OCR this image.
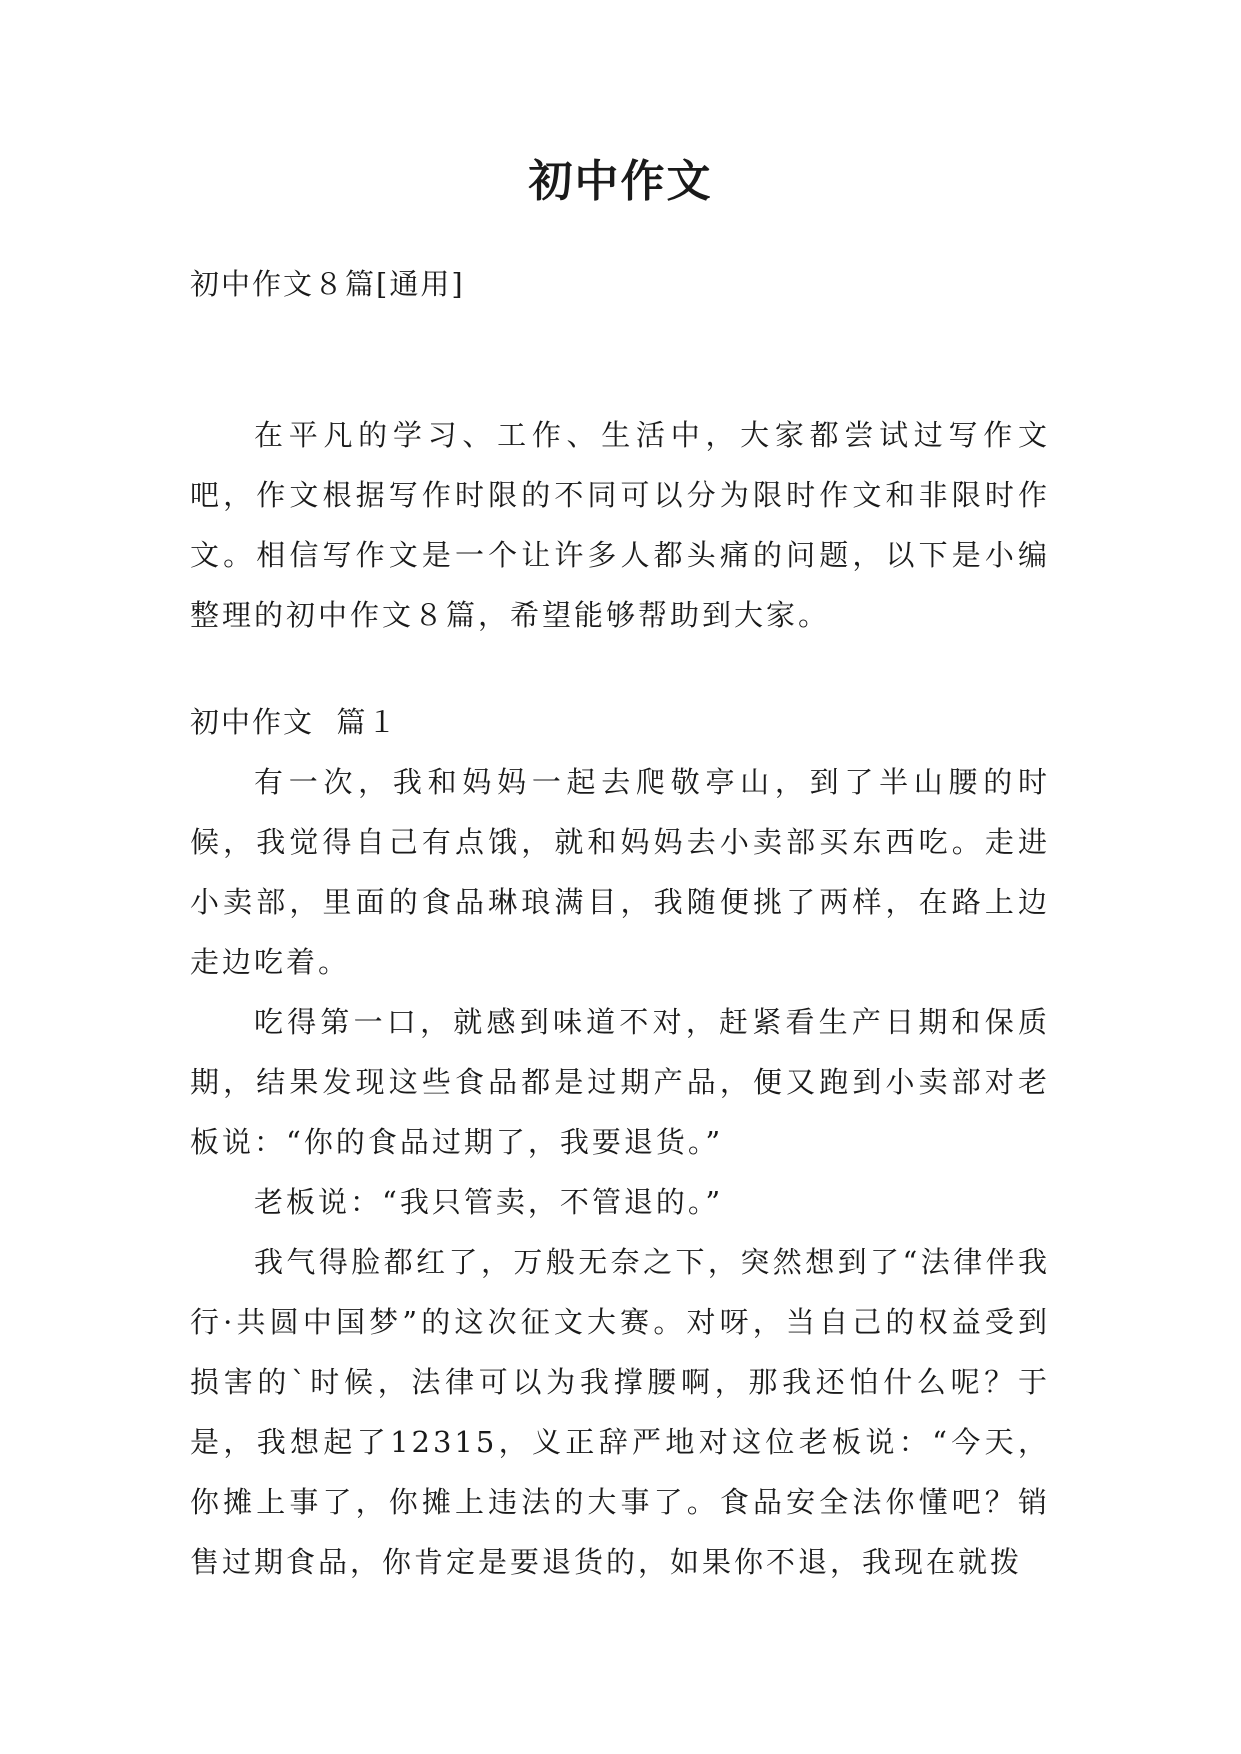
初中作文

初中作文８篇[通用]

在平凡的学习、工作、生活中，大家都尝试过写作文吧，作文根据写作时限的不同可以分为限时作文和非限时作文。相信写作文是一个让许多人都头痛的问题，以下是小编整理的初中作文８篇，希望能够帮助到大家。

初中作文  篇１

有一次，我和妈妈一起去爬敬亭山，到了半山腰的时候，我觉得自己有点饿，就和妈妈去小卖部买东西吃。走进小卖部，里面的食品琳琅满目，我随便挑了两样，在路上边走边吃着。

吃得第一口，就感到味道不对，赶紧看生产日期和保质期，结果发现这些食品都是过期产品，便又跑到小卖部对老板说：“你的食品过期了，我要退货。”

老板说：“我只管卖，不管退的。”

我气得脸都红了，万般无奈之下，突然想到了“法律伴我行·共圆中国梦”的这次征文大赛。对呀，当自己的权益受到损害的`时候，法律可以为我撑腰啊，那我还怕什么呢？于是，我想起了12315，义正辞严地对这位老板说：“今天，你摊上事了，你摊上违法的大事了。食品安全法你懂吧？销售过期食品，你肯定是要退货的，如果你不退，我现在就拨
